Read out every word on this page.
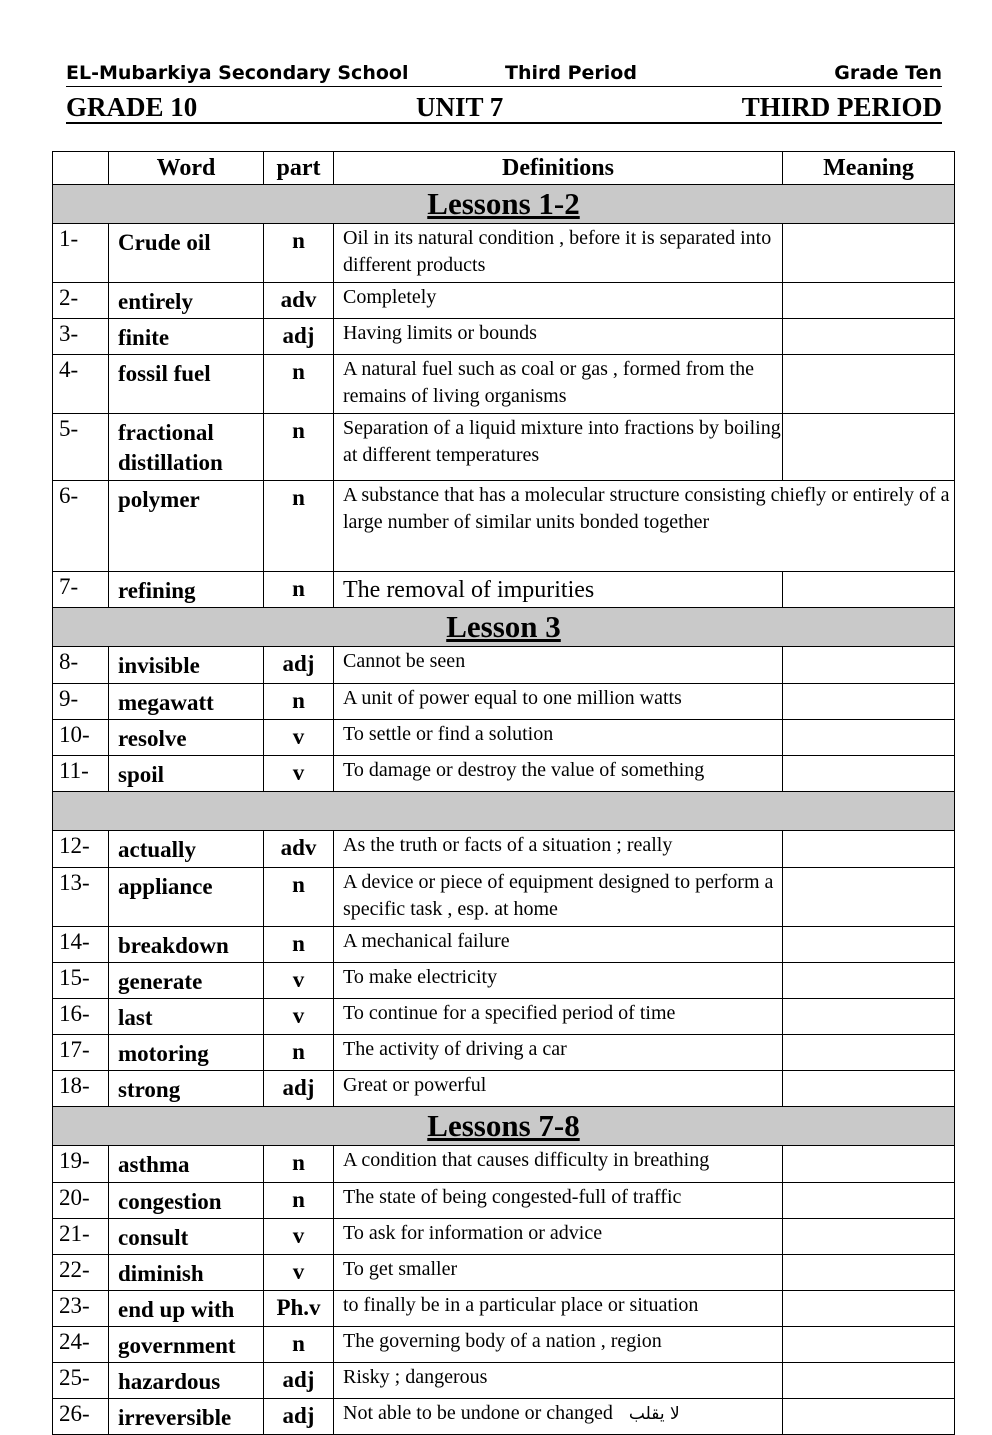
EL-Mubarkiya Secondary School	Third Period	Grade Ten
GRADE 10	UNIT 7	THIRD PERIOD
	Word	part	Definitions	Meaning
Lessons 1-2				
1-	Crude oil	n	Oil in its natural condition , before it is separated into different products	
2-	entirely	adv	Completely	
3-	finite	adj	Having limits or bounds	
4-	fossil fuel	n	A natural fuel such as coal or gas , formed from the remains of living organisms	
5-	fractional distillation	n	Separation of a liquid mixture into fractions by boiling at different temperatures	
6-	polymer	n	A substance that has a molecular structure consisting chiefly or entirely of a large number of similar units bonded together	
7-	refining	n	The removal of impurities	
Lesson 3				
8-	invisible	adj	Cannot be seen	
9-	megawatt	n	A unit of power equal to one million watts	
10-	resolve	v	To settle or find a solution	
11-	spoil	v	To damage or destroy the value of something	

12-	actually	adv	As the truth or facts of a situation ; really	
13-	appliance	n	A device or piece of equipment designed to perform a specific task , esp. at home	
14-	breakdown	n	A mechanical failure	
15-	generate	v	To make electricity	
16-	last	v	To continue for a specified period of time	
17-	motoring	n	The activity of driving a car	
18-	strong	adj	Great or powerful	
Lessons 7-8				
19-	asthma	n	A condition that causes difficulty in breathing	
20-	congestion	n	The state of being congested-full of traffic	
21-	consult	v	To ask for information or advice	
22-	diminish	v	To get smaller	
23-	end up with	Ph.v	to finally be in a particular place or situation	
24-	government	n	The governing body of a nation , region	
25-	hazardous	adj	Risky ; dangerous	
26-	irreversible	adj	Not able to be undone or changed لا يقلب	
